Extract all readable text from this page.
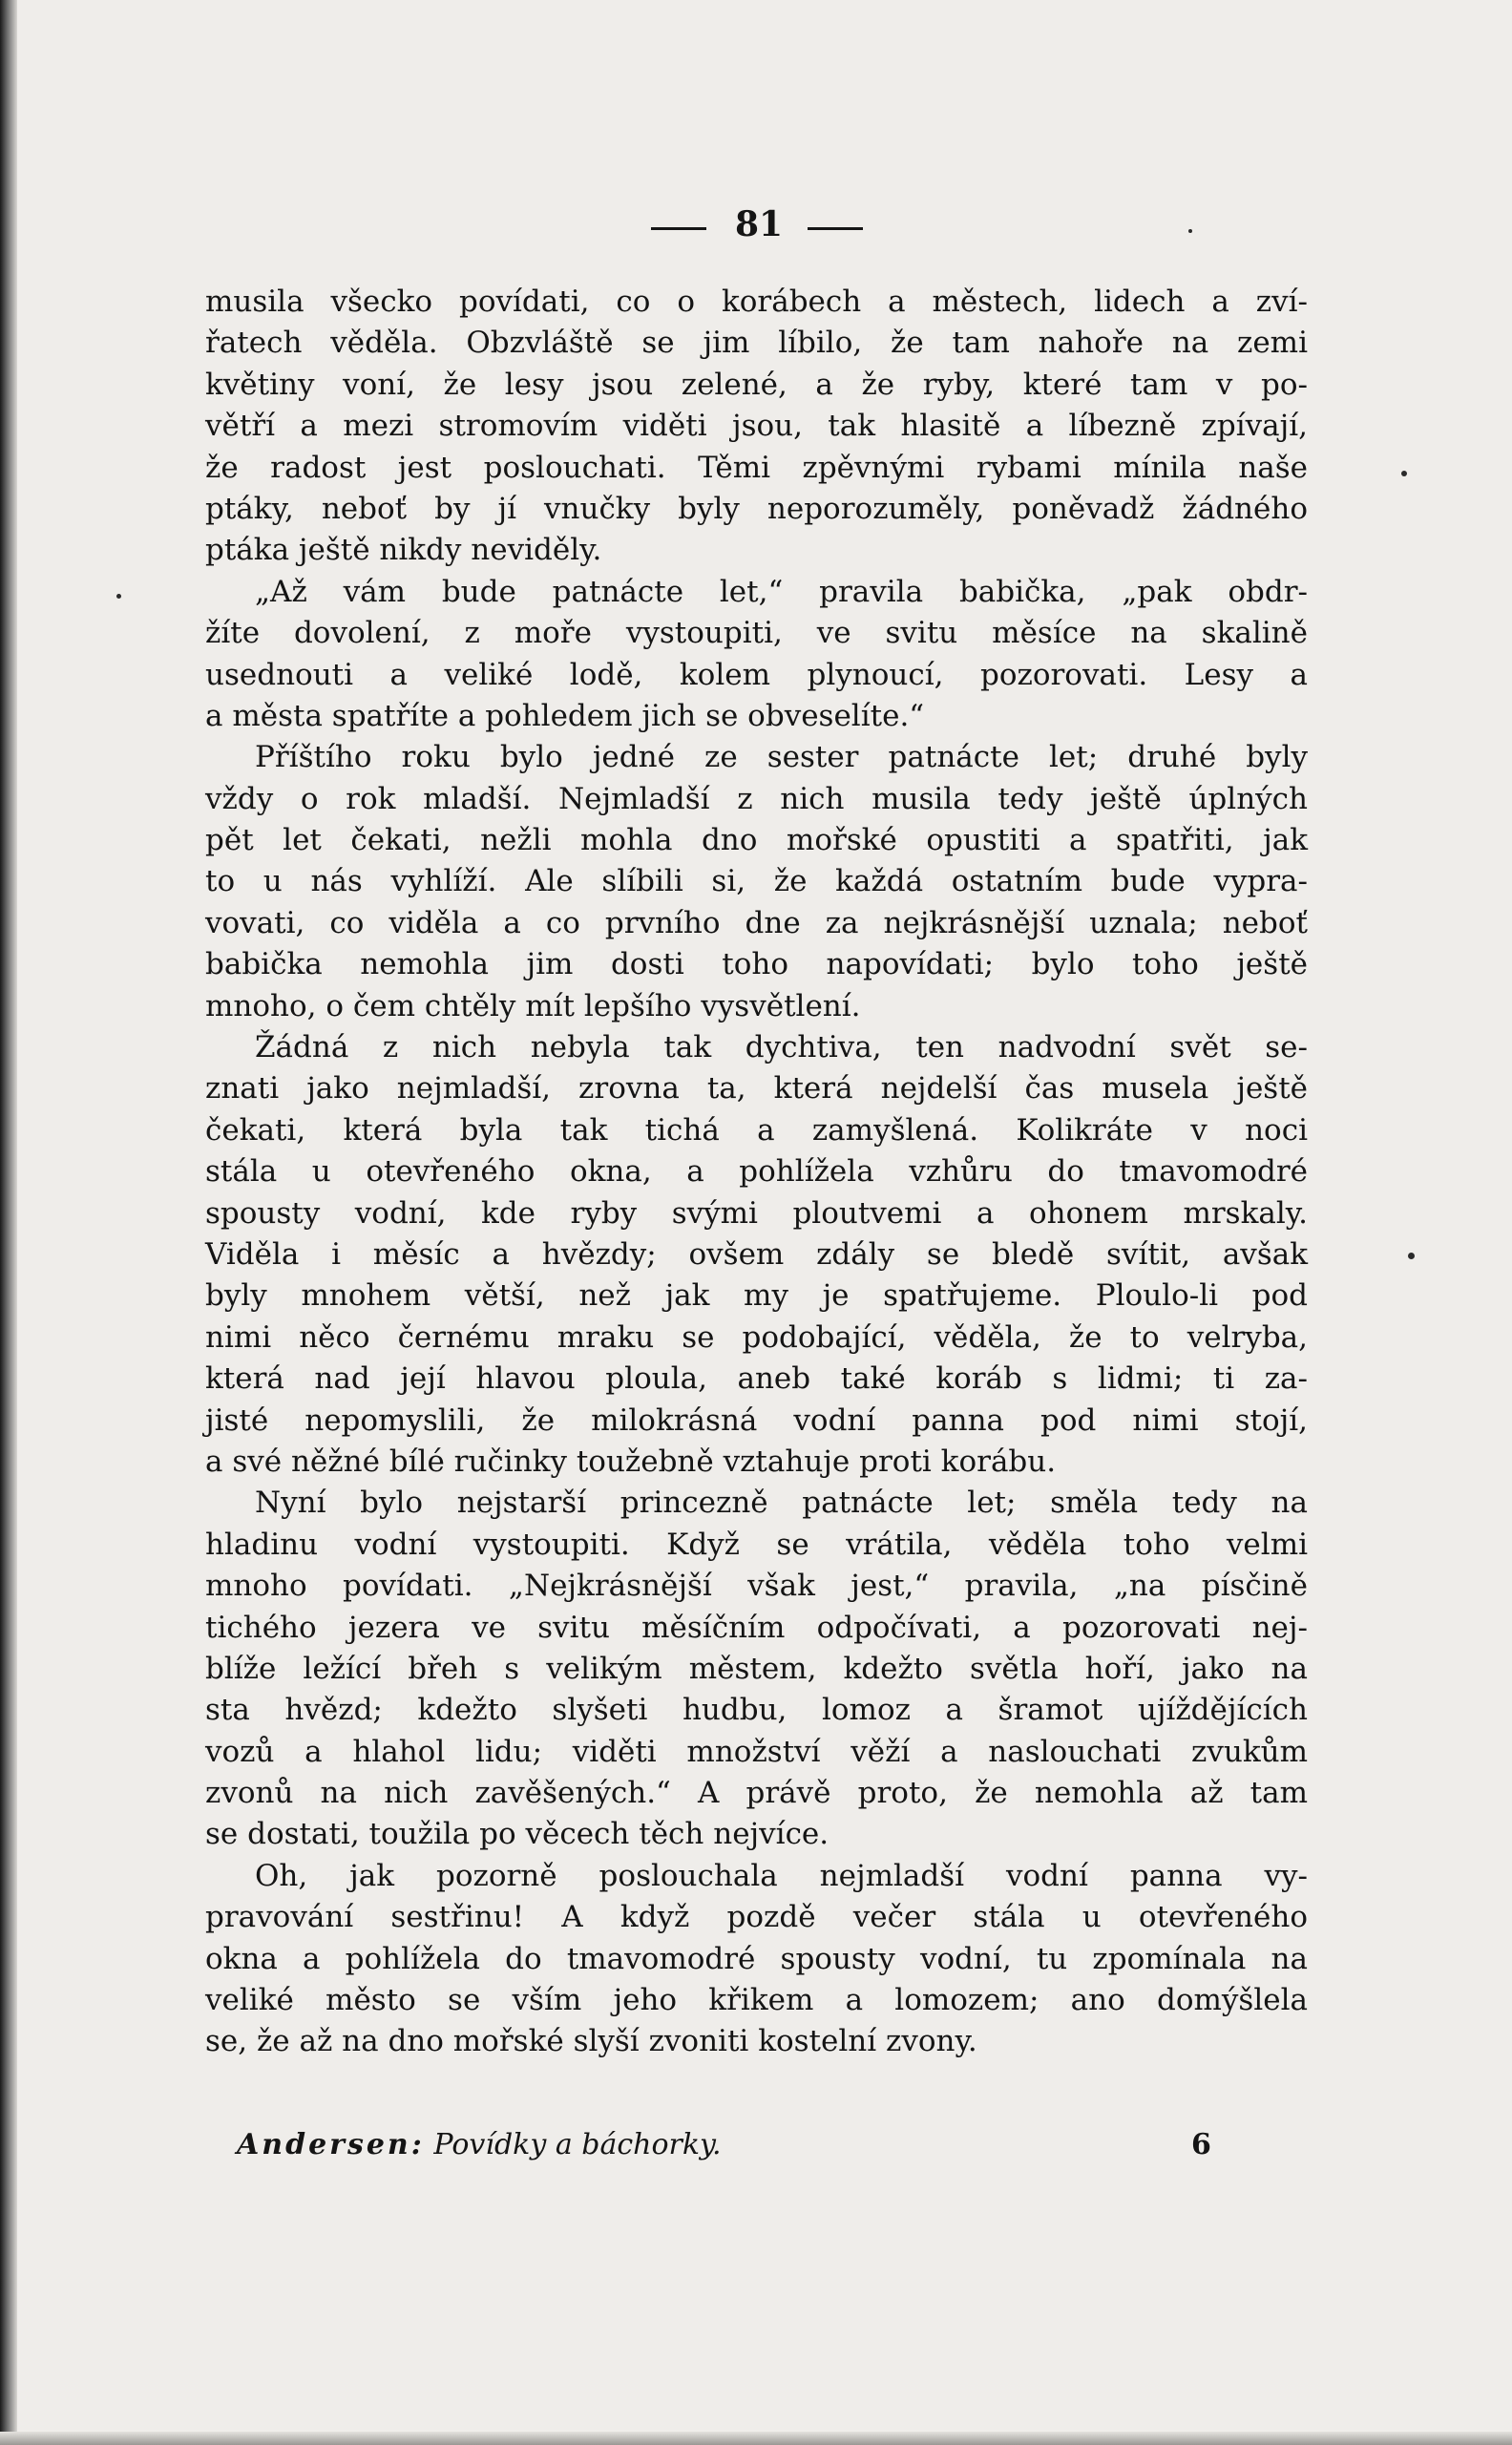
81
musila všecko povídati, co o korábech a městech, lidech a zví-
řatech věděla. Obzvláště se jim líbilo, že tam nahoře na zemi
květiny voní, že lesy jsou zelené, a že ryby, které tam v po-
větří a mezi stromovím viděti jsou, tak hlasitě a líbezně zpívají,
že radost jest poslouchati. Těmi zpěvnými rybami mínila naše
ptáky, neboť by jí vnučky byly neporozuměly, poněvadž žádného
ptáka ještě nikdy neviděly.
„Až vám bude patnácte let,“ pravila babička, „pak obdr-
žíte dovolení, z moře vystoupiti, ve svitu měsíce na skalině
usednouti a veliké lodě, kolem plynoucí, pozorovati. Lesy a
a města spatříte a pohledem jich se obveselíte.“
Příštího roku bylo jedné ze sester patnácte let; druhé byly
vždy o rok mladší. Nejmladší z nich musila tedy ještě úplných
pět let čekati, nežli mohla dno mořské opustiti a spatřiti, jak
to u nás vyhlíží. Ale slíbili si, že každá ostatním bude vypra-
vovati, co viděla a co prvního dne za nejkrásnější uznala; neboť
babička nemohla jim dosti toho napovídati; bylo toho ještě
mnoho, o čem chtěly mít lepšího vysvětlení.
Žádná z nich nebyla tak dychtiva, ten nadvodní svět se-
znati jako nejmladší, zrovna ta, která nejdelší čas musela ještě
čekati, která byla tak tichá a zamyšlená. Kolikráte v noci
stála u otevřeného okna, a pohlížela vzhůru do tmavomodré
spousty vodní, kde ryby svými ploutvemi a ohonem mrskaly.
Viděla i měsíc a hvězdy; ovšem zdály se bledě svítit, avšak
byly mnohem větší, než jak my je spatřujeme. Ploulo-li pod
nimi něco černému mraku se podobající, věděla, že to velryba,
která nad její hlavou ploula, aneb také koráb s lidmi; ti za-
jisté nepomyslili, že milokrásná vodní panna pod nimi stojí,
a své něžné bílé ručinky toužebně vztahuje proti korábu.
Nyní bylo nejstarší princezně patnácte let; směla tedy na
hladinu vodní vystoupiti. Když se vrátila, věděla toho velmi
mnoho povídati. „Nejkrásnější však jest,“ pravila, „na písčině
tichého jezera ve svitu měsíčním odpočívati, a pozorovati nej-
blíže ležící břeh s velikým městem, kdežto světla hoří, jako na
sta hvězd; kdežto slyšeti hudbu, lomoz a šramot ujíždějících
vozů a hlahol lidu; viděti množství věží a naslouchati zvukům
zvonů na nich zavěšených.“ A právě proto, že nemohla až tam
se dostati, toužila po věcech těch nejvíce.
Oh, jak pozorně poslouchala nejmladší vodní panna vy-
pravování sestřinu! A když pozdě večer stála u otevřeného
okna a pohlížela do tmavomodré spousty vodní, tu zpomínala na
veliké město se vším jeho křikem a lomozem; ano domýšlela
se, že až na dno mořské slyší zvoniti kostelní zvony.
Andersen: Povídky a báchorky.	6
